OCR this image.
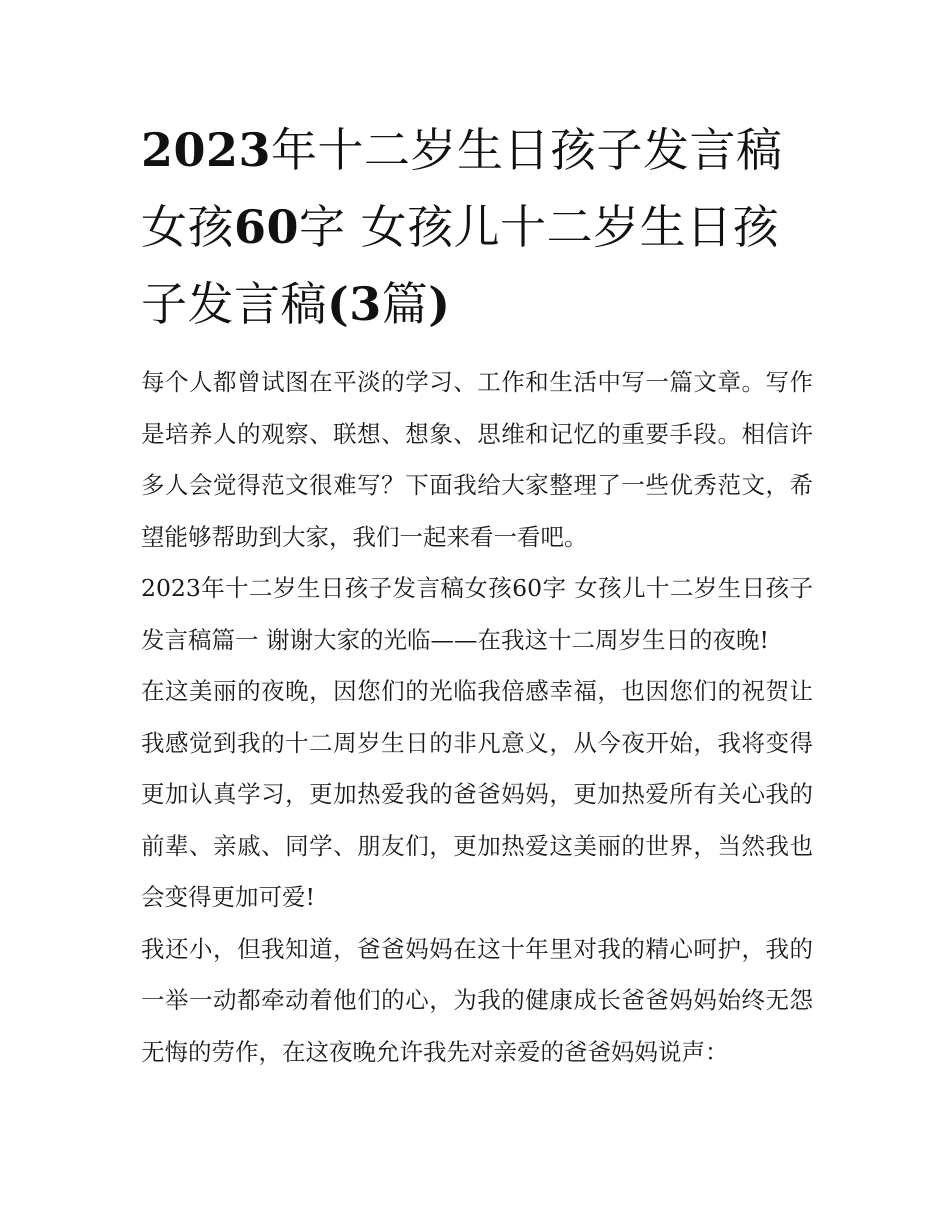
2023年十二岁生日孩子发言稿女孩60字 女孩儿十二岁生日孩子发言稿(3篇)

每个人都曾试图在平淡的学习、工作和生活中写一篇文章。写作是培养人的观察、联想、想象、思维和记忆的重要手段。相信许多人会觉得范文很难写？下面我给大家整理了一些优秀范文，希望能够帮助到大家，我们一起来看一看吧。

2023年十二岁生日孩子发言稿女孩60字 女孩儿十二岁生日孩子发言稿篇一 谢谢大家的光临——在我这十二周岁生日的夜晚!

在这美丽的夜晚，因您们的光临我倍感幸福，也因您们的祝贺让我感觉到我的十二周岁生日的非凡意义，从今夜开始，我将变得更加认真学习，更加热爱我的爸爸妈妈，更加热爱所有关心我的前辈、亲戚、同学、朋友们，更加热爱这美丽的世界，当然我也会变得更加可爱!

我还小，但我知道，爸爸妈妈在这十年里对我的精心呵护，我的一举一动都牵动着他们的心，为我的健康成长爸爸妈妈始终无怨无悔的劳作，在这夜晚允许我先对亲爱的爸爸妈妈说声：
